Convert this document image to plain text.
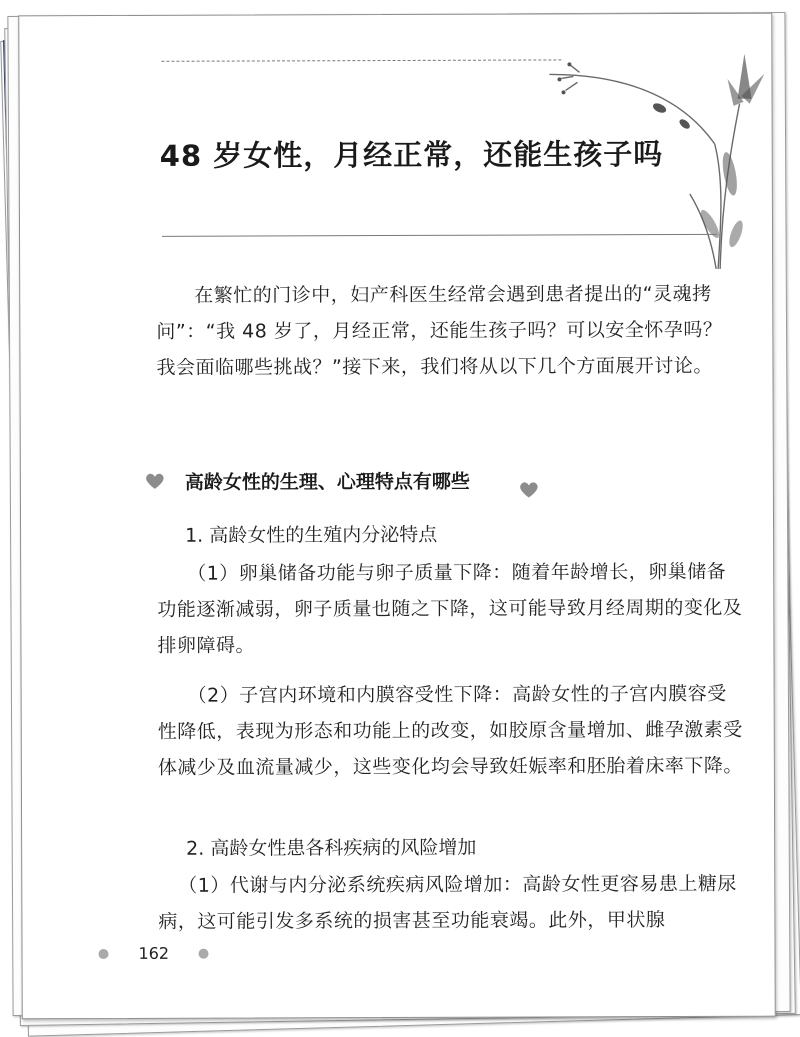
48 岁女性，月经正常，还能生孩子吗
在繁忙的门诊中，妇产科医生经常会遇到患者提出的“灵魂拷问”：“我 48 岁了，月经正常，还能生孩子吗？可以安全怀孕吗？我会面临哪些挑战？”接下来，我们将从以下几个方面展开讨论。
高龄女性的生理、心理特点有哪些
1. 高龄女性的生殖内分泌特点
（1）卵巢储备功能与卵子质量下降：随着年龄增长，卵巢储备功能逐渐减弱，卵子质量也随之下降，这可能导致月经周期的变化及排卵障碍。
（2）子宫内环境和内膜容受性下降：高龄女性的子宫内膜容受性降低，表现为形态和功能上的改变，如胶原含量增加、雌孕激素受体减少及血流量减少，这些变化均会导致妊娠率和胚胎着床率下降。
2. 高龄女性患各科疾病的风险增加
（1）代谢与内分泌系统疾病风险增加：高龄女性更容易患上糖尿病，这可能引发多系统的损害甚至功能衰竭。此外，甲状腺
162
